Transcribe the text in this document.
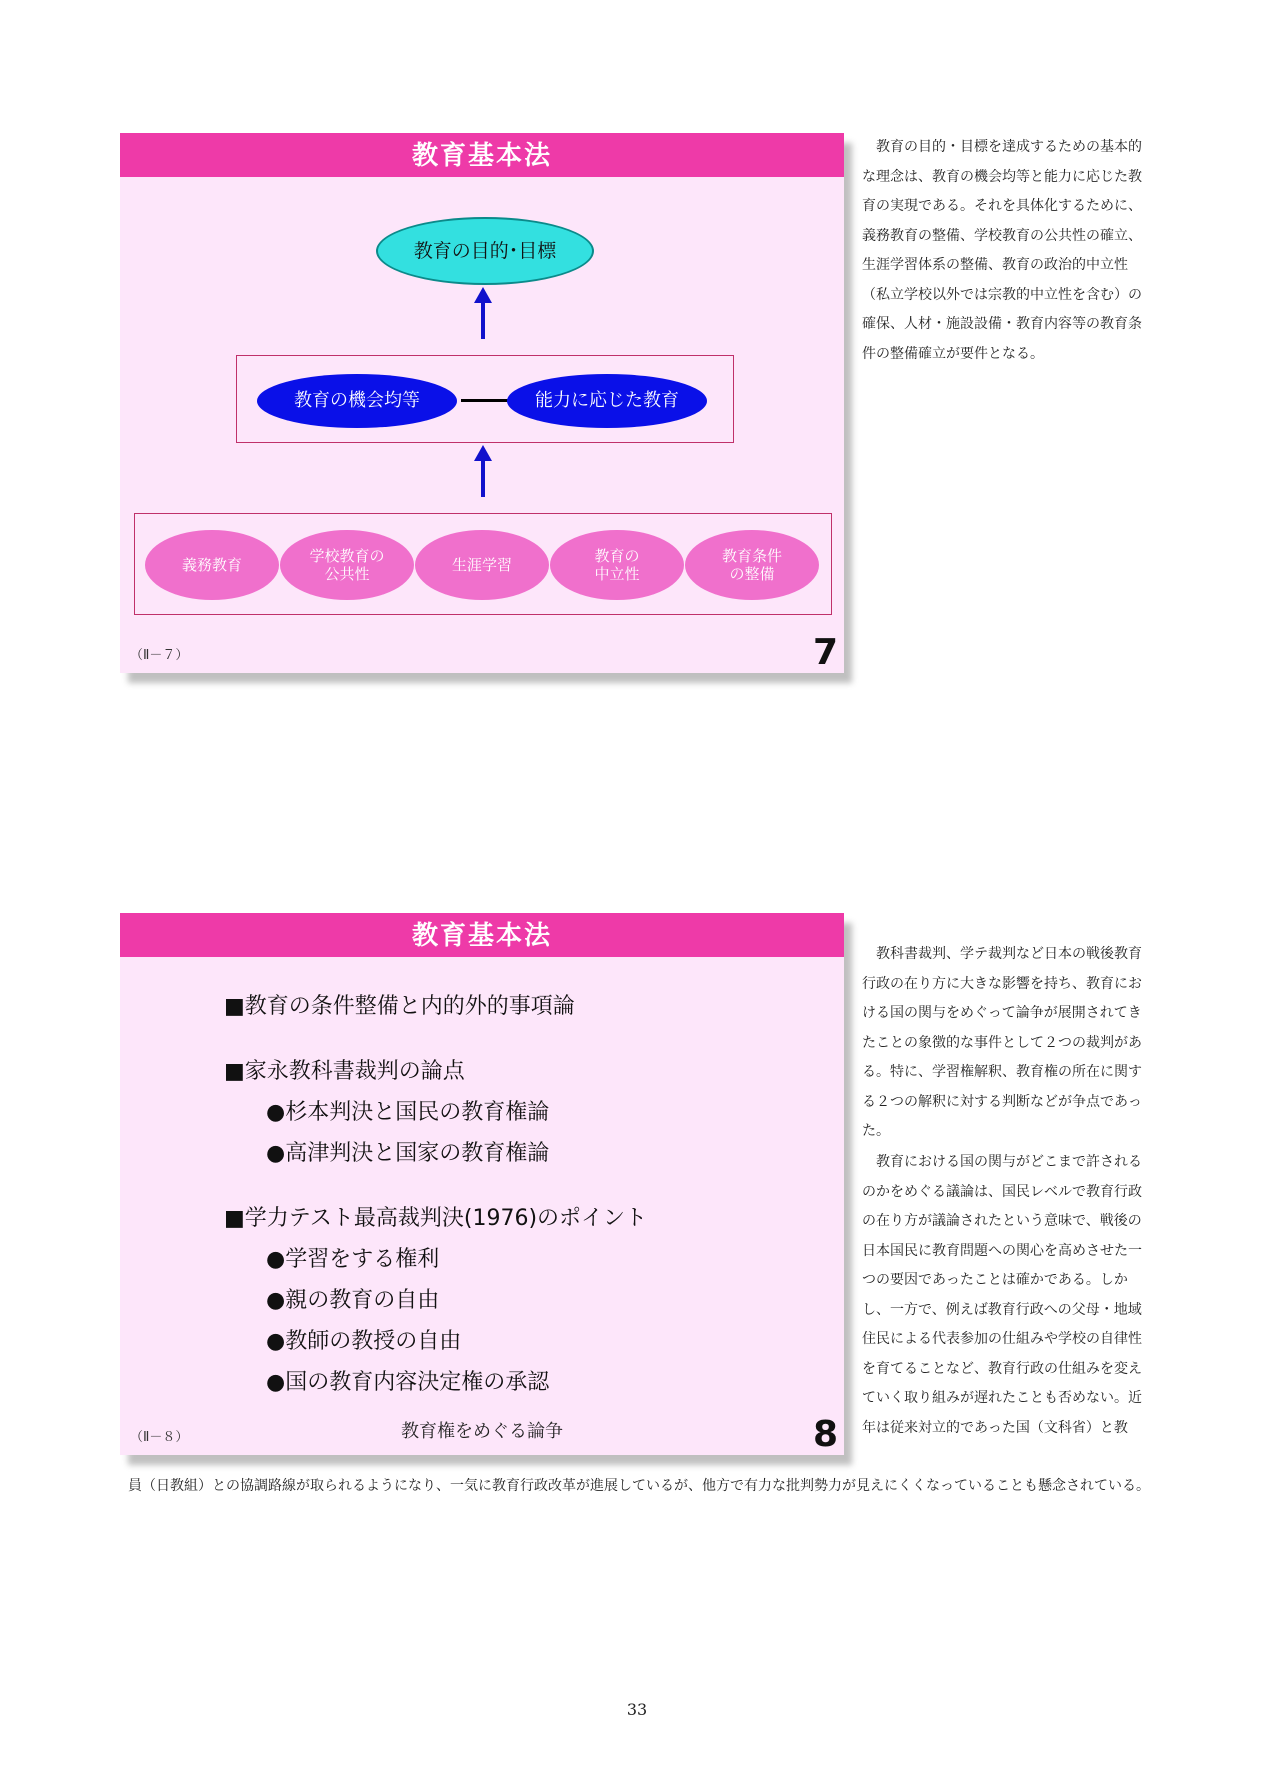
教育基本法
教育の目的･目標
教育の機会均等	能力に応じた教育
義務教育	学校教育の
公共性	生涯学習	教育の
中立性
教育条件
の整備
（Ⅱ－７）	7

教育の目的・目標を達成するための基本的な理念は、教育の機会均等と能力に応じた教育の実現である。それを具体化するために、義務教育の整備、学校教育の公共性の確立、生涯学習体系の整備、教育の政治的中立性（私立学校以外では宗教的中立性を含む）の確保、人材・施設設備・教育内容等の教育条件の整備確立が要件となる。

教育基本法

■教育の条件整備と内的外的事項論

■家永教科書裁判の論点

●杉本判決と国民の教育権論

●高津判決と国家の教育権論

■学力テスト最高裁判決(1976)のポイント

●学習をする権利

●親の教育の自由

●教師の教授の自由

●国の教育内容決定権の承認

（Ⅱ－８）	教育権をめぐる論争	8

教科書裁判、学テ裁判など日本の戦後教育行政の在り方に大きな影響を持ち、教育における国の関与をめぐって論争が展開されてきたことの象徴的な事件として２つの裁判がある。特に、学習権解釈、教育権の所在に関する２つの解釈に対する判断などが争点であった。

教育における国の関与がどこまで許されるのかをめぐる議論は、国民レベルで教育行政の在り方が議論されたという意味で、戦後の日本国民に教育問題への関心を高めさせた一つの要因であったことは確かである。しかし、一方で、例えば教育行政への父母・地域住民による代表参加の仕組みや学校の自律性を育てることなど、教育行政の仕組みを変えていく取り組みが遅れたことも否めない。近年は従来対立的であった国（文科省）と教

員（日教組）との協調路線が取られるようになり、一気に教育行政改革が進展しているが、他方で有力な批判勢力が見えにくくなっていることも懸念されている。

33
